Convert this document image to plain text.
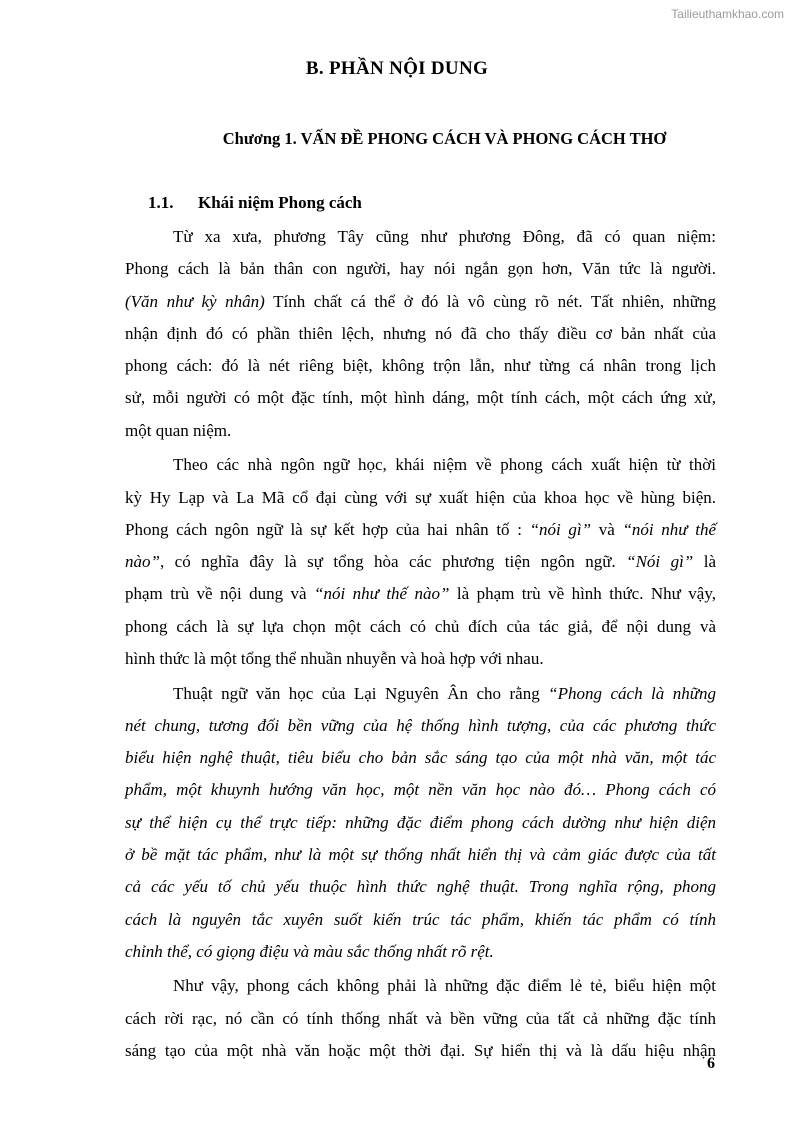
Tailieuthamkhao.com
B. PHẦN NỘI DUNG
Chương 1. VẤN ĐỀ PHONG CÁCH VÀ PHONG CÁCH THƠ
1.1. Khái niệm Phong cách
Từ xa xưa, phương Tây cũng như phương Đông, đã có quan niệm:
Phong cách là bản thân con người, hay nói ngắn gọn hơn, Văn tức là người.
(Văn như kỳ nhân) Tính chất cá thể ở đó là vô cùng rõ nét. Tất nhiên, những
nhận định đó có phần thiên lệch, nhưng nó đã cho thấy điều cơ bản nhất của
phong cách: đó là nét riêng biệt, không trộn lẫn, như từng cá nhân trong lịch
sử, mỗi người có một đặc tính, một hình dáng, một tính cách, một cách ứng xử,
một quan niệm.
Theo các nhà ngôn ngữ học, khái niệm về phong cách xuất hiện từ thời
kỳ Hy Lạp và La Mã cổ đại cùng với sự xuất hiện của khoa học về hùng biện.
Phong cách ngôn ngữ là sự kết hợp của hai nhân tố : “nói gì” và “nói như thế
nào”, có nghĩa đây là sự tổng hòa các phương tiện ngôn ngữ. “Nói gì” là
phạm trù về nội dung và “nói như thế nào” là phạm trù về hình thức. Như vậy,
phong cách là sự lựa chọn một cách có chủ đích của tác giả, để nội dung và
hình thức là một tổng thể nhuần nhuyễn và hoà hợp với nhau.
Thuật ngữ văn học của Lại Nguyên Ân cho rằng “Phong cách là những
nét chung, tương đối bền vững của hệ thống hình tượng, của các phương thức
biểu hiện nghệ thuật, tiêu biểu cho bản sắc sáng tạo của một nhà văn, một tác
phẩm, một khuynh hướng văn học, một nền văn học nào đó… Phong cách có
sự thể hiện cụ thể trực tiếp: những đặc điểm phong cách dường như hiện diện
ở bề mặt tác phẩm, như là một sự thống nhất hiển thị và cảm giác được của tất
cả các yếu tố chủ yếu thuộc hình thức nghệ thuật. Trong nghĩa rộng, phong
cách là nguyên tắc xuyên suốt kiến trúc tác phẩm, khiến tác phẩm có tính
chỉnh thể, có giọng điệu và màu sắc thống nhất rõ rệt.
Như vậy, phong cách không phải là những đặc điểm lẻ tẻ, biểu hiện một
cách rời rạc, nó cần có tính thống nhất và bền vững của tất cả những đặc tính
sáng tạo của một nhà văn hoặc một thời đại. Sự hiển thị và là dấu hiệu nhận
6
